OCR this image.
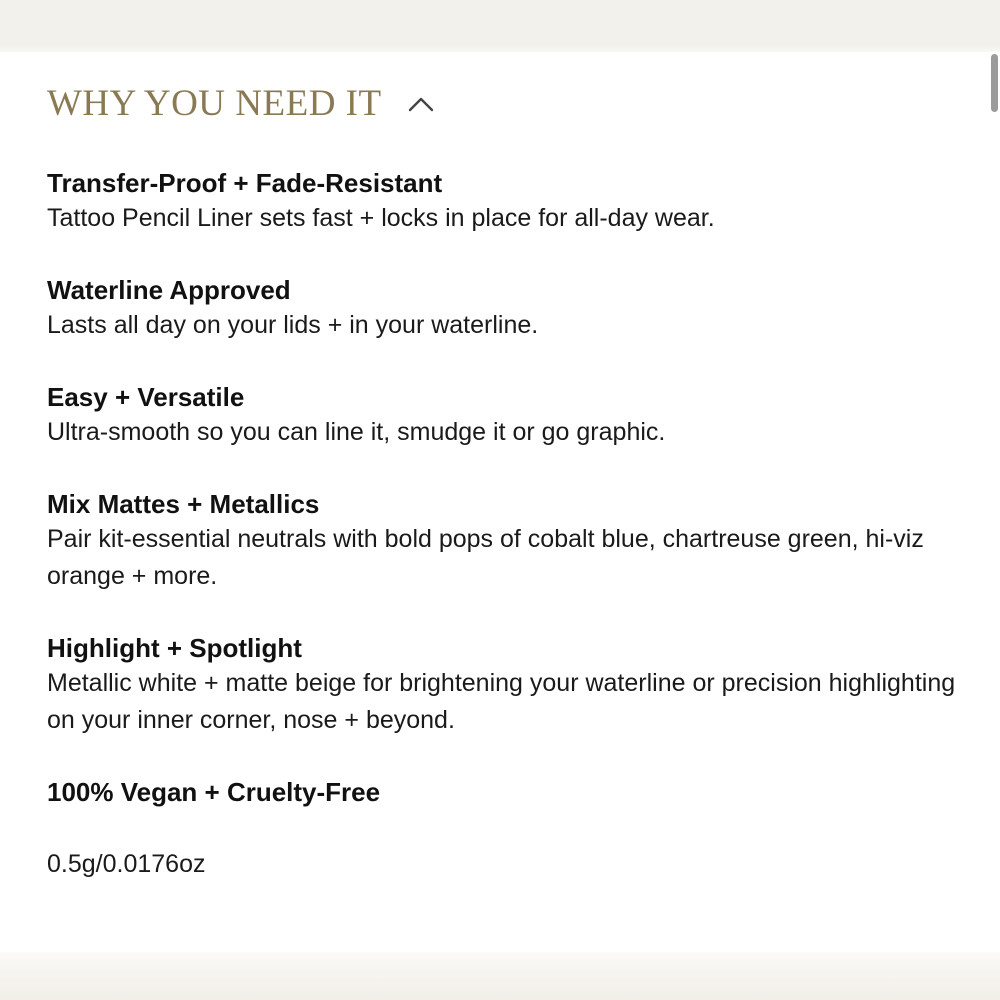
WHY YOU NEED IT
Transfer-Proof + Fade-Resistant
Tattoo Pencil Liner sets fast + locks in place for all-day wear.
Waterline Approved
Lasts all day on your lids + in your waterline.
Easy + Versatile
Ultra-smooth so you can line it, smudge it or go graphic.
Mix Mattes + Metallics
Pair kit-essential neutrals with bold pops of cobalt blue, chartreuse green, hi-viz orange + more.
Highlight + Spotlight
Metallic white + matte beige for brightening your waterline or precision highlighting on your inner corner, nose + beyond.
100% Vegan + Cruelty-Free
0.5g/0.0176oz
